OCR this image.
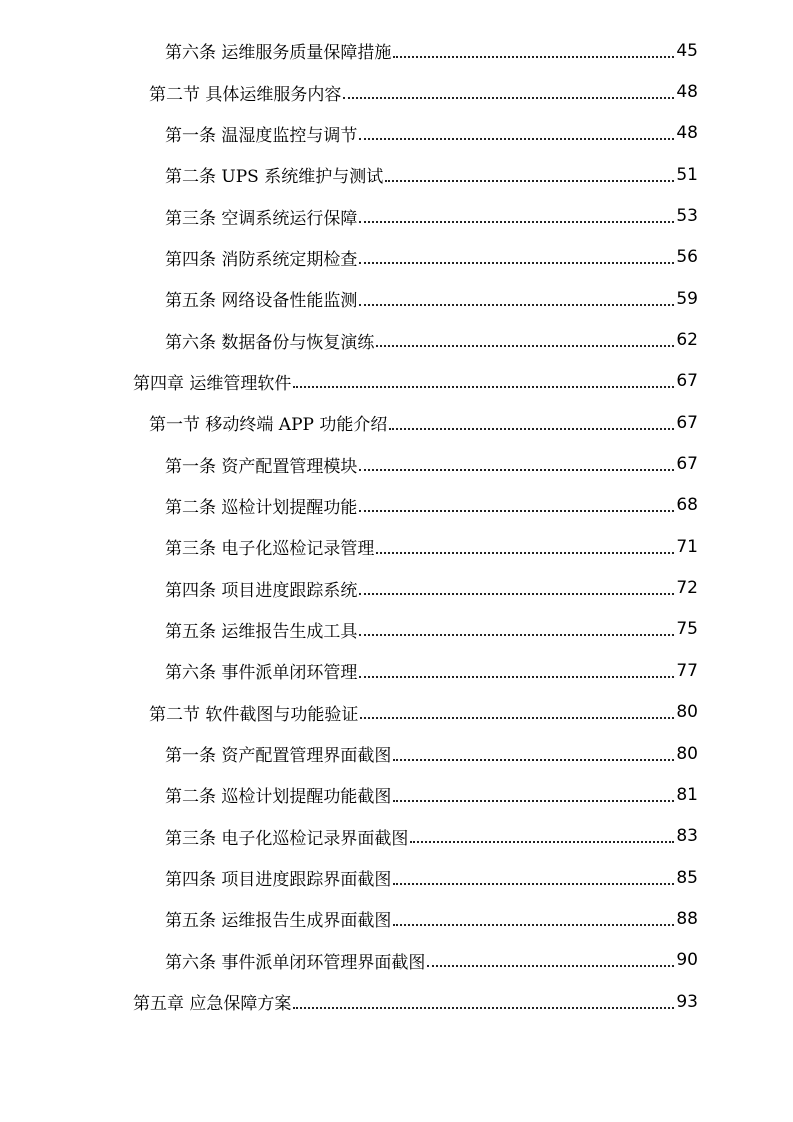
第六条 运维服务质量保障措施	45
第二节 具体运维服务内容	48
第一条 温湿度监控与调节	48
第二条 UPS 系统维护与测试	51
第三条 空调系统运行保障	53
第四条 消防系统定期检查	56
第五条 网络设备性能监测	59
第六条 数据备份与恢复演练	62
第四章 运维管理软件	67
第一节 移动终端 APP 功能介绍	67
第一条 资产配置管理模块	67
第二条 巡检计划提醒功能	68
第三条 电子化巡检记录管理	71
第四条 项目进度跟踪系统	72
第五条 运维报告生成工具	75
第六条 事件派单闭环管理	77
第二节 软件截图与功能验证	80
第一条 资产配置管理界面截图	80
第二条 巡检计划提醒功能截图	81
第三条 电子化巡检记录界面截图	83
第四条 项目进度跟踪界面截图	85
第五条 运维报告生成界面截图	88
第六条 事件派单闭环管理界面截图	90
第五章 应急保障方案	93
